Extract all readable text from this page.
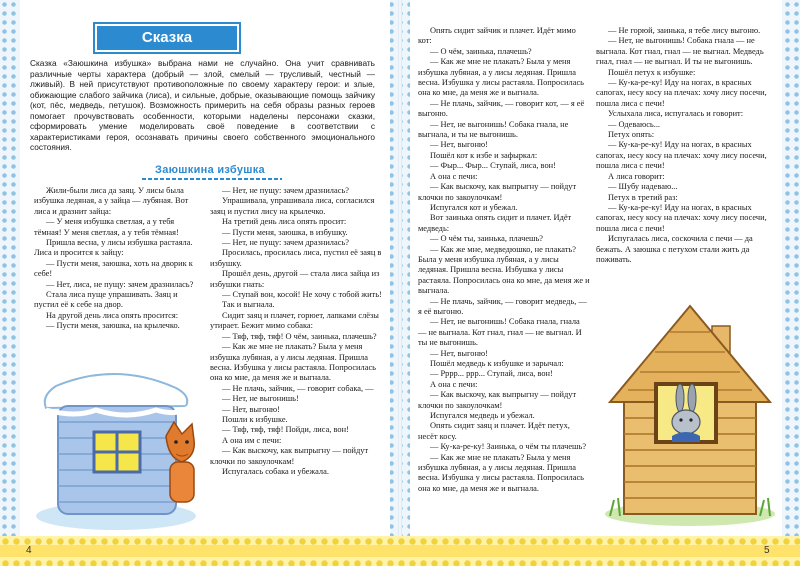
Сказка

Сказка «Заюшкина избушка» выбрана нами не случайно. Она учит сравнивать различные черты характера (добрый — злой, смелый — трусливый, честный — лживый). В ней присутствуют противоположные по своему характеру герои: и злые, обижающие слабого зайчика (лиса), и сильные, добрые, оказывающие помощь зайчику (кот, пёс, медведь, петушок). Возможность примерить на себя образы разных героев помогает прочувствовать особенности, которыми наделены персонажи сказки, сформировать умение моделировать своё поведение в соответствии с характеристиками героя, осознавать причины своего собственного эмоционального состояния.

Заюшкина избушка

Жили-были лиса да заяц. У лисы была избушка ледяная, а у зайца — лубяная. Вот лиса и дразнит зайца:

— У меня избушка светлая, а у тебя тёмная! У меня светлая, а у тебя тёмная!

Пришла весна, у лисы избушка растаяла. Лиса и просится к зайцу:

— Пусти меня, заюшка, хоть на дворик к себе!

— Нет, лиса, не пущу: зачем дразнилась?

Стала лиса пуще упрашивать. Заяц и пустил её к себе на двор.

На другой день лиса опять просится:

— Пусти меня, заюшка, на крылечко.

— Нет, не пущу: зачем дразнилась?

Упрашивала, упрашивала лиса, согласился заяц и пустил лису на крылечко.

На третий день лиса опять просит:

— Пусти меня, заюшка, в избушку.

— Нет, не пущу: зачем дразнилась?

Просилась, просилась лиса, пустил её заяц в избушку.

Прошёл день, другой — стала лиса зайца из избушки гнать:

— Ступай вон, косой! Не хочу с тобой жить!

Так и выгнала.

Сидит заяц и плачет, горюет, лапками слёзы утирает. Бежит мимо собака:

— Тяф, тяф, тяф! О чём, заинька, плачешь?

— Как же мне не плакать? Была у меня избушка лубяная, а у лисы ледяная. Пришла весна. Избушка у лисы растаяла. Попросилась она ко мне, да меня же и выгнала.

— Не плачь, зайчик, — говорит собака, —

— Нет, не выгонишь!

— Нет, выгоню!

Пошли к избушке.

— Тяф, тяф, тяф! Пойди, лиса, вон!

А она им с печи:

— Как выскочу, как выпрыгну — пойдут клочки по закоулочкам!

Испугалась собака и убежала.

Опять сидит зайчик и плачет. Идёт мимо кот:

— О чём, заинька, плачешь?

— Как же мне не плакать? Была у меня избушка лубяная, а у лисы ледяная. Пришла весна. Избушка у лисы растаяла. Попросилась она ко мне, да меня же и выгнала.

— Не плачь, зайчик, — говорит кот, — я её выгоню.

— Нет, не выгонишь! Собака гнала, не выгнала, и ты не выгонишь.

— Нет, выгоню!

Пошёл кот к избе и зафыркал:

— Фыр... Фыр... Ступай, лиса, вон!

А она с печи:

— Как выскочу, как выпрыгну — пойдут клочки по закоулочкам!

Испугался кот и убежал.

Вот заинька опять сидит и плачет. Идёт медведь:

— О чём ты, заинька, плачешь?

— Как же мне, медведюшко, не плакать? Была у меня избушка лубяная, а у лисы ледяная. Пришла весна. Избушка у лисы растаяла. Попросилась она ко мне, да меня же и выгнала.

— Не плачь, зайчик, — говорит медведь, — я её выгоню.

— Нет, не выгонишь! Собака гнала, гнала — не выгнала. Кот гнал, гнал — не выгнал. И ты не выгонишь.

— Нет, выгоню!

Пошёл медведь к избушке и зарычал:

— Рррр... ррр... Ступай, лиса, вон!

А она с печи:

— Как выскочу, как выпрыгну — пойдут клочки по закоулочкам!

Испугался медведь и убежал.

Опять сидит заяц и плачет. Идёт петух, несёт косу.

— Ку-ка-ре-ку! Заинька, о чём ты плачешь?

— Как же мне не плакать? Была у меня избушка лубяная, а у лисы ледяная. Пришла весна. Избушка у лисы растаяла. Попросилась она ко мне, да меня же и выгнала.

— Не горюй, заинька, я тебе лису выгоню.

— Нет, не выгонишь! Собака гнала — не выгнала. Кот гнал, гнал — не выгнал. Медведь гнал, гнал — не выгнал. И ты не выгонишь.

Пошёл петух к избушке:

— Ку-ка-ре-ку! Иду на ногах, в красных сапогах, несу косу на плечах: хочу лису посечи, пошла лиса с печи!

Услыхала лиса, испугалась и говорит:

— Одеваюсь...

Петух опять:

— Ку-ка-ре-ку! Иду на ногах, в красных сапогах, несу косу на плечах: хочу лису посечи, пошла лиса с печи!

А лиса говорит:

— Шубу надеваю...

Петух в третий раз:

— Ку-ка-ре-ку! Иду на ногах, в красных сапогах, несу косу на плечах: хочу лису посечи, пошла лиса с печи!

Испугалась лиса, соскочила с печи — да бежать. А заюшка с петухом стали жить да поживать.

4	5
